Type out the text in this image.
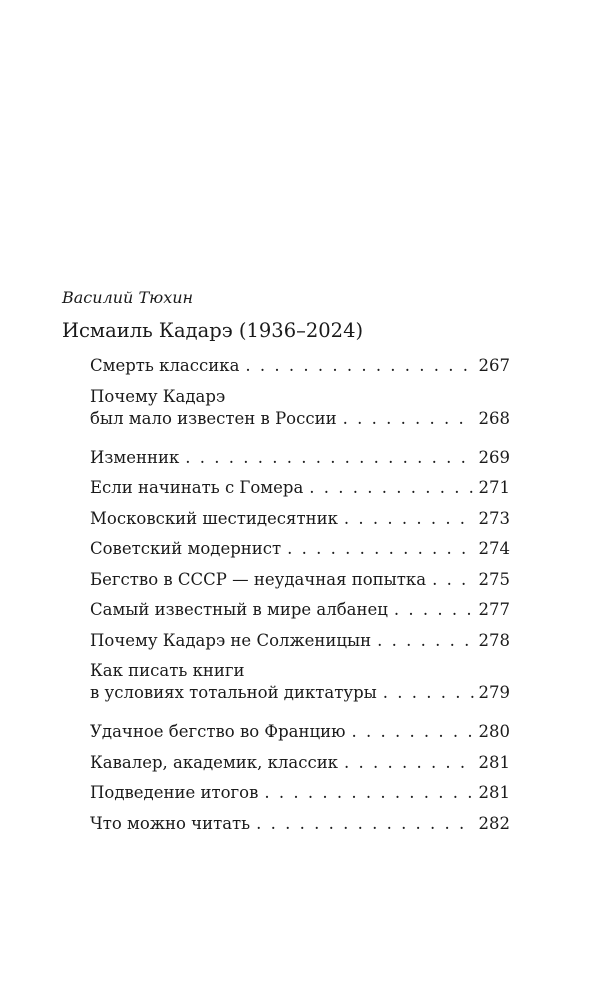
Василий Тюхин
Исмаиль Кадарэ (1936–2024)
Смерть классика . . .	267
Почему Кадарэ
был мало известен в России . . .	268
Изменник . . .	269
Если начинать с Гомера . . .	271
Московский шестидесятник . . .	273
Советский модернист . . .	274
Бегство в СССР — неудачная попытка . . .	275
Самый известный в мире албанец . . .	277
Почему Кадарэ не Солженицын . . .	278
Как писать книги
в условиях тотальной диктатуры . . .	279
Удачное бегство во Францию . . .	280
Кавалер, академик, классик . . .	281
Подведение итогов . . .	281
Что можно читать . . .	282
